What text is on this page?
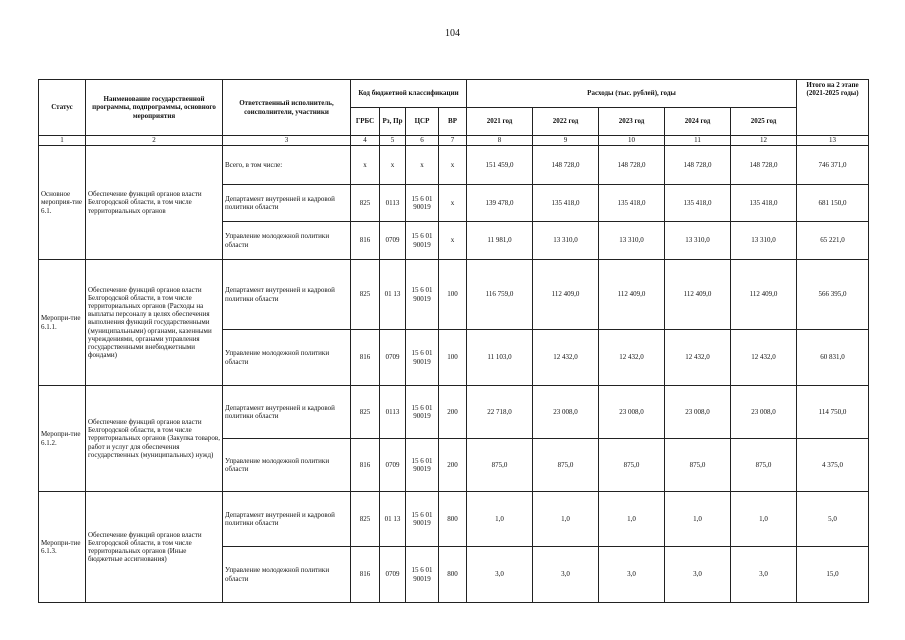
104
Статус	Наименование государственной программы, подпрограммы, основного мероприятия	Ответственный исполнитель, соисполнители, участники	Код бюджетной классификации				Расходы (тыс. рублей), годы					Итого на 2 этапе (2021-2025 годы)
			ГРБС	Рз, Пр	ЦСР	ВР	2021 год	2022 год	2023 год	2024 год	2025 год	
1	2	3	4	5	6	7	8	9	10	11	12	13
Основное мероприя-тие 6.1.	Обеспечение функций органов власти Белгородской области, в том числе территориальных органов	Всего, в том числе:	х	х	х	х	151 459,0	148 728,0	148 728,0	148 728,0	148 728,0	746 371,0
		Департамент внутренней и кадровой политики области	825	0113	15 6 01 90019	х	139 478,0	135 418,0	135 418,0	135 418,0	135 418,0	681 150,0
		Управление молодежной политики области	816	0709	15 6 01 90019	х	11 981,0	13 310,0	13 310,0	13 310,0	13 310,0	65 221,0
Меропри-тие 6.1.1.	Обеспечение функций органов власти Белгородской области, в том числе территориальных органов (Расходы на выплаты персоналу в целях обеспечения выполнения функций государственными (муниципальными) органами, казенными учреждениями, органами управления государственными внебюджетными фондами)	Департамент внутренней и кадровой политики области	825	01 13	15 6 01 90019	100	116 759,0	112 409,0	112 409,0	112 409,0	112 409,0	566 395,0
		Управление молодежной политики области	816	0709	15 6 01 90019	100	11 103,0	12 432,0	12 432,0	12 432,0	12 432,0	60 831,0
Меропри-тие 6.1.2.	Обеспечение функций органов власти Белгородской области, в том числе территориальных органов (Закупка товаров, работ и услуг для обеспечения государственных (муниципальных) нужд)	Департамент внутренней и кадровой политики области	825	0113	15 6 01 90019	200	22 718,0	23 008,0	23 008,0	23 008,0	23 008,0	114 750,0
		Управление молодежной политики области	816	0709	15 6 01 90019	200	875,0	875,0	875,0	875,0	875,0	4 375,0
Меропри-тие 6.1.3.	Обеспечение функций органов власти Белгородской области, в том числе территориальных органов (Иные бюджетные ассигнования)	Департамент внутренней и кадровой политики области	825	01 13	15 6 01 90019	800	1,0	1,0	1,0	1,0	1,0	5,0
		Управление молодежной политики области	816	0709	15 6 01 90019	800	3,0	3,0	3,0	3,0	3,0	15,0
